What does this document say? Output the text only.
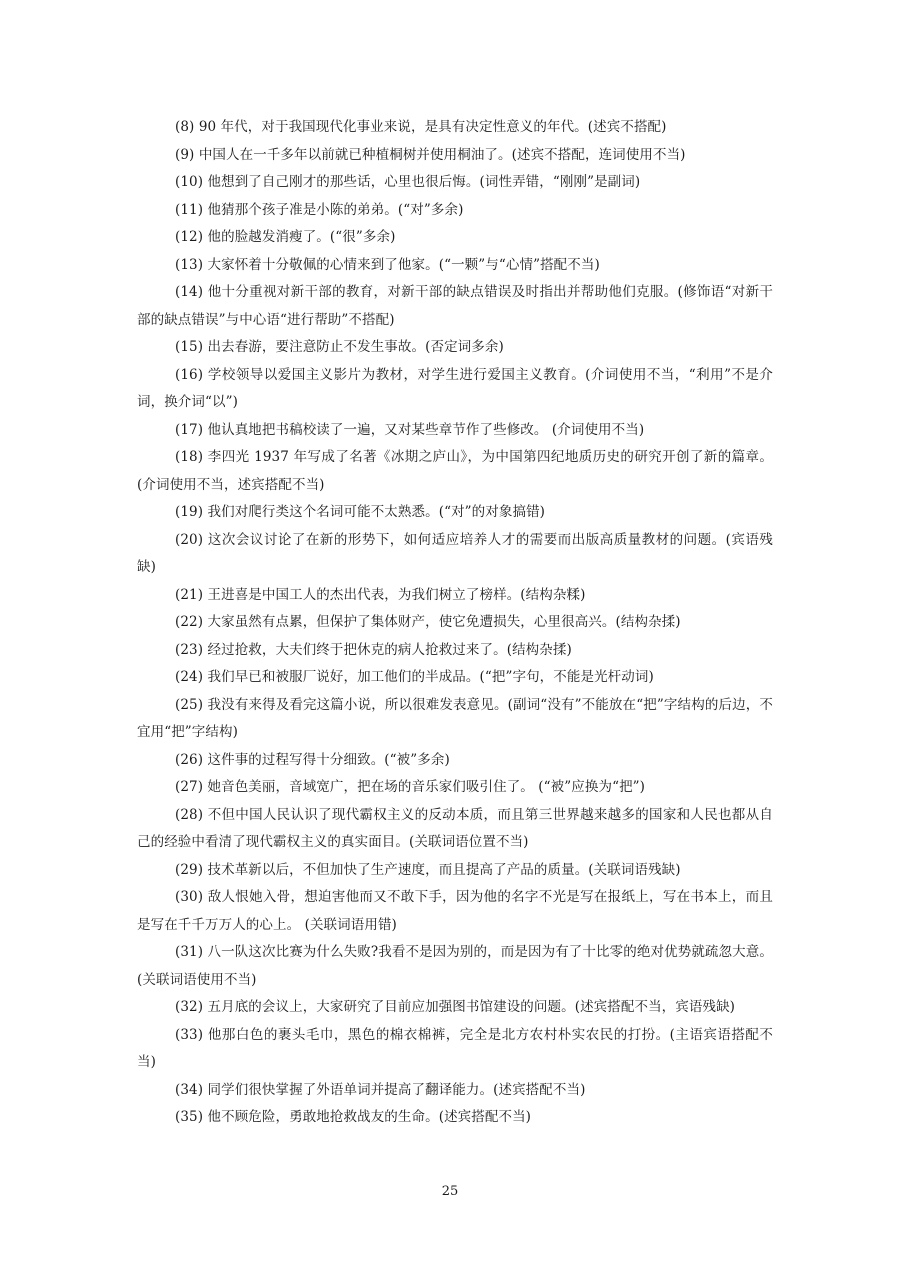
(8) 90 年代，对于我国现代化事业来说，是具有决定性意义的年代。(述宾不搭配)

(9) 中国人在一千多年以前就已种植桐树并使用桐油了。(述宾不搭配，连词使用不当)

(10) 他想到了自己刚才的那些话，心里也很后悔。(词性弄错，“刚刚”是副词)

(11) 他猜那个孩子准是小陈的弟弟。(“对”多余)

(12) 他的脸越发消瘦了。(“很”多余)

(13) 大家怀着十分敬佩的心情来到了他家。(“一颗”与“心情”搭配不当)

(14) 他十分重视对新干部的教育，对新干部的缺点错误及时指出并帮助他们克服。(修饰语“对新干部的缺点错误”与中心语“进行帮助”不搭配)

(15) 出去春游，要注意防止不发生事故。(否定词多余)

(16) 学校领导以爱国主义影片为教材，对学生进行爱国主义教育。(介词使用不当，“利用”不是介词，换介词“以”)

(17) 他认真地把书稿校读了一遍，又对某些章节作了些修改。 (介词使用不当)

(18) 李四光 1937 年写成了名著《冰期之庐山》，为中国第四纪地质历史的研究开创了新的篇章。(介词使用不当，述宾搭配不当)

(19) 我们对爬行类这个名词可能不太熟悉。(“对”的对象搞错)

(20) 这次会议讨论了在新的形势下，如何适应培养人才的需要而出版高质量教材的问题。(宾语残缺)

(21) 王进喜是中国工人的杰出代表，为我们树立了榜样。(结构杂糅)

(22) 大家虽然有点累，但保护了集体财产，使它免遭损失，心里很高兴。(结构杂揉)

(23) 经过抢救，大夫们终于把休克的病人抢救过来了。(结构杂揉)

(24) 我们早已和被服厂说好，加工他们的半成品。(“把”字句，不能是光杆动词)

(25) 我没有来得及看完这篇小说，所以很难发表意见。(副词“没有”不能放在“把”字结构的后边，不宜用“把”字结构)

(26) 这件事的过程写得十分细致。(“被”多余)

(27) 她音色美丽，音域宽广，把在场的音乐家们吸引住了。 (“被”应换为“把”)

(28) 不但中国人民认识了现代霸权主义的反动本质，而且第三世界越来越多的国家和人民也都从自己的经验中看清了现代霸权主义的真实面目。(关联词语位置不当)

(29) 技术革新以后，不但加快了生产速度，而且提高了产品的质量。(关联词语残缺)

(30) 敌人恨她入骨，想迫害他而又不敢下手，因为他的名字不光是写在报纸上，写在书本上，而且是写在千千万万人的心上。 (关联词语用错)

(31) 八一队这次比赛为什么失败?我看不是因为别的，而是因为有了十比零的绝对优势就疏忽大意。(关联词语使用不当)

(32) 五月底的会议上，大家研究了目前应加强图书馆建设的问题。(述宾搭配不当，宾语残缺)

(33) 他那白色的裹头毛巾，黑色的棉衣棉裤，完全是北方农村朴实农民的打扮。(主语宾语搭配不当)

(34) 同学们很快掌握了外语单词并提高了翻译能力。(述宾搭配不当)

(35) 他不顾危险，勇敢地抢救战友的生命。(述宾搭配不当)

25
